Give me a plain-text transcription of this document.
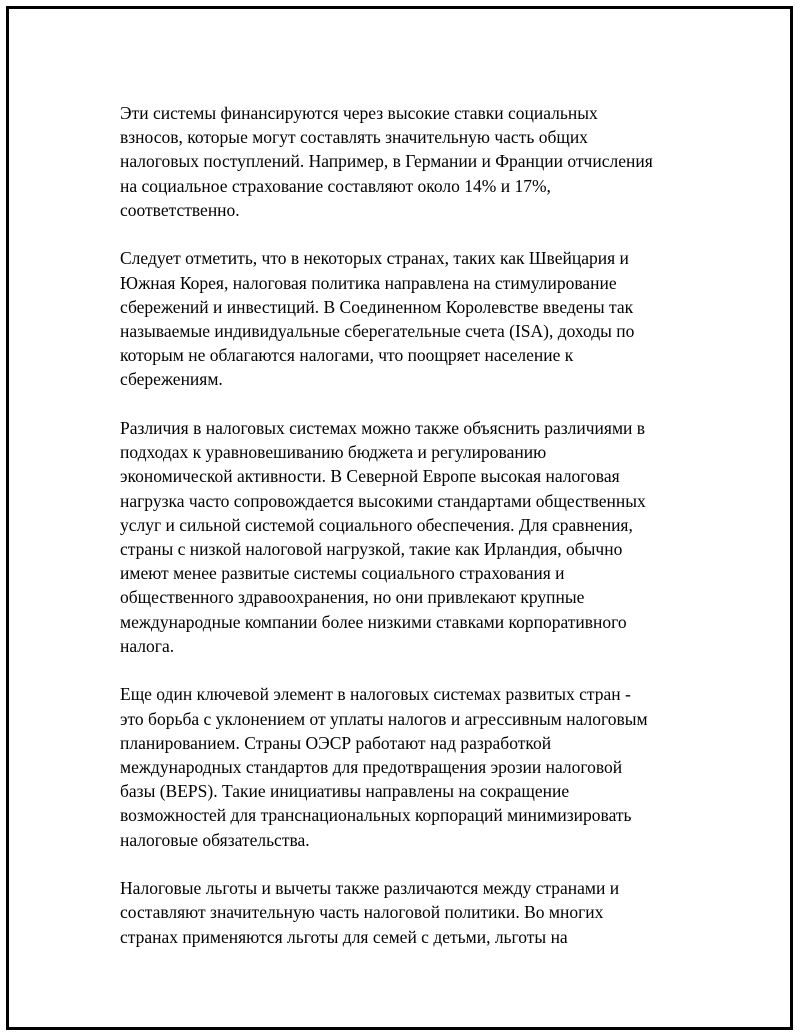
Эти системы финансируются через высокие ставки социальных
взносов, которые могут составлять значительную часть общих
налоговых поступлений. Например, в Германии и Франции отчисления
на социальное страхование составляют около 14% и 17%,
соответственно.

Следует отметить, что в некоторых странах, таких как Швейцария и
Южная Корея, налоговая политика направлена на стимулирование
сбережений и инвестиций. В Соединенном Королевстве введены так
называемые индивидуальные сберегательные счета (ISA), доходы по
которым не облагаются налогами, что поощряет население к
сбережениям.

Различия в налоговых системах можно также объяснить различиями в
подходах к уравновешиванию бюджета и регулированию
экономической активности. В Северной Европе высокая налоговая
нагрузка часто сопровождается высокими стандартами общественных
услуг и сильной системой социального обеспечения. Для сравнения,
страны с низкой налоговой нагрузкой, такие как Ирландия, обычно
имеют менее развитые системы социального страхования и
общественного здравоохранения, но они привлекают крупные
международные компании более низкими ставками корпоративного
налога.

Еще один ключевой элемент в налоговых системах развитых стран -
это борьба с уклонением от уплаты налогов и агрессивным налоговым
планированием. Страны ОЭСР работают над разработкой
международных стандартов для предотвращения эрозии налоговой
базы (BEPS). Такие инициативы направлены на сокращение
возможностей для транснациональных корпораций минимизировать
налоговые обязательства.

Налоговые льготы и вычеты также различаются между странами и
составляют значительную часть налоговой политики. Во многих
странах применяются льготы для семей с детьми, льготы на
